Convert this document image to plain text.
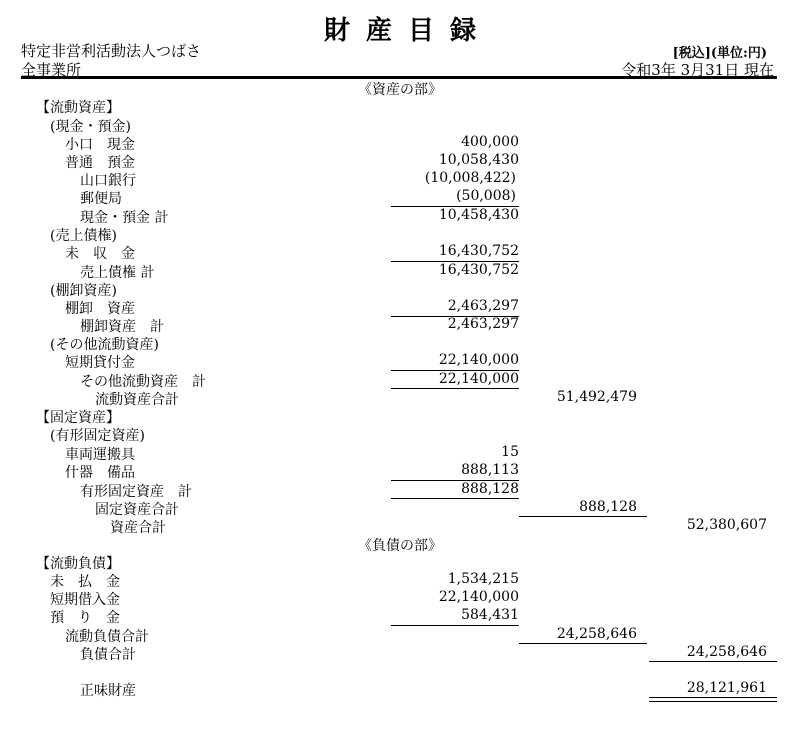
財 産 目 録
特定非営利活動法人つばさ	[税込](単位:円)
全事業所	令和3年 3月31日 現在
《資産の部》
【流動資産】
(現金・預金)
小口　現金	400,000
普通　預金	10,058,430
山口銀行	(10,008,422)
郵便局	(50,008)
現金・預金 計	10,458,430
(売上債権)
未　収　金	16,430,752
売上債権 計	16,430,752
(棚卸資産)
棚卸　資産	2,463,297
棚卸資産　計	2,463,297
(その他流動資産)
短期貸付金	22,140,000
その他流動資産　計	22,140,000
流動資産合計	51,492,479
【固定資産】
(有形固定資産)
車両運搬具	15
什器　備品	888,113
有形固定資産　計	888,128
固定資産合計	888,128
資産合計	52,380,607
《負債の部》
【流動負債】
未　払　金	1,534,215
短期借入金	22,140,000
預　り　金	584,431
流動負債合計	24,258,646
負債合計	24,258,646
正味財産	28,121,961
